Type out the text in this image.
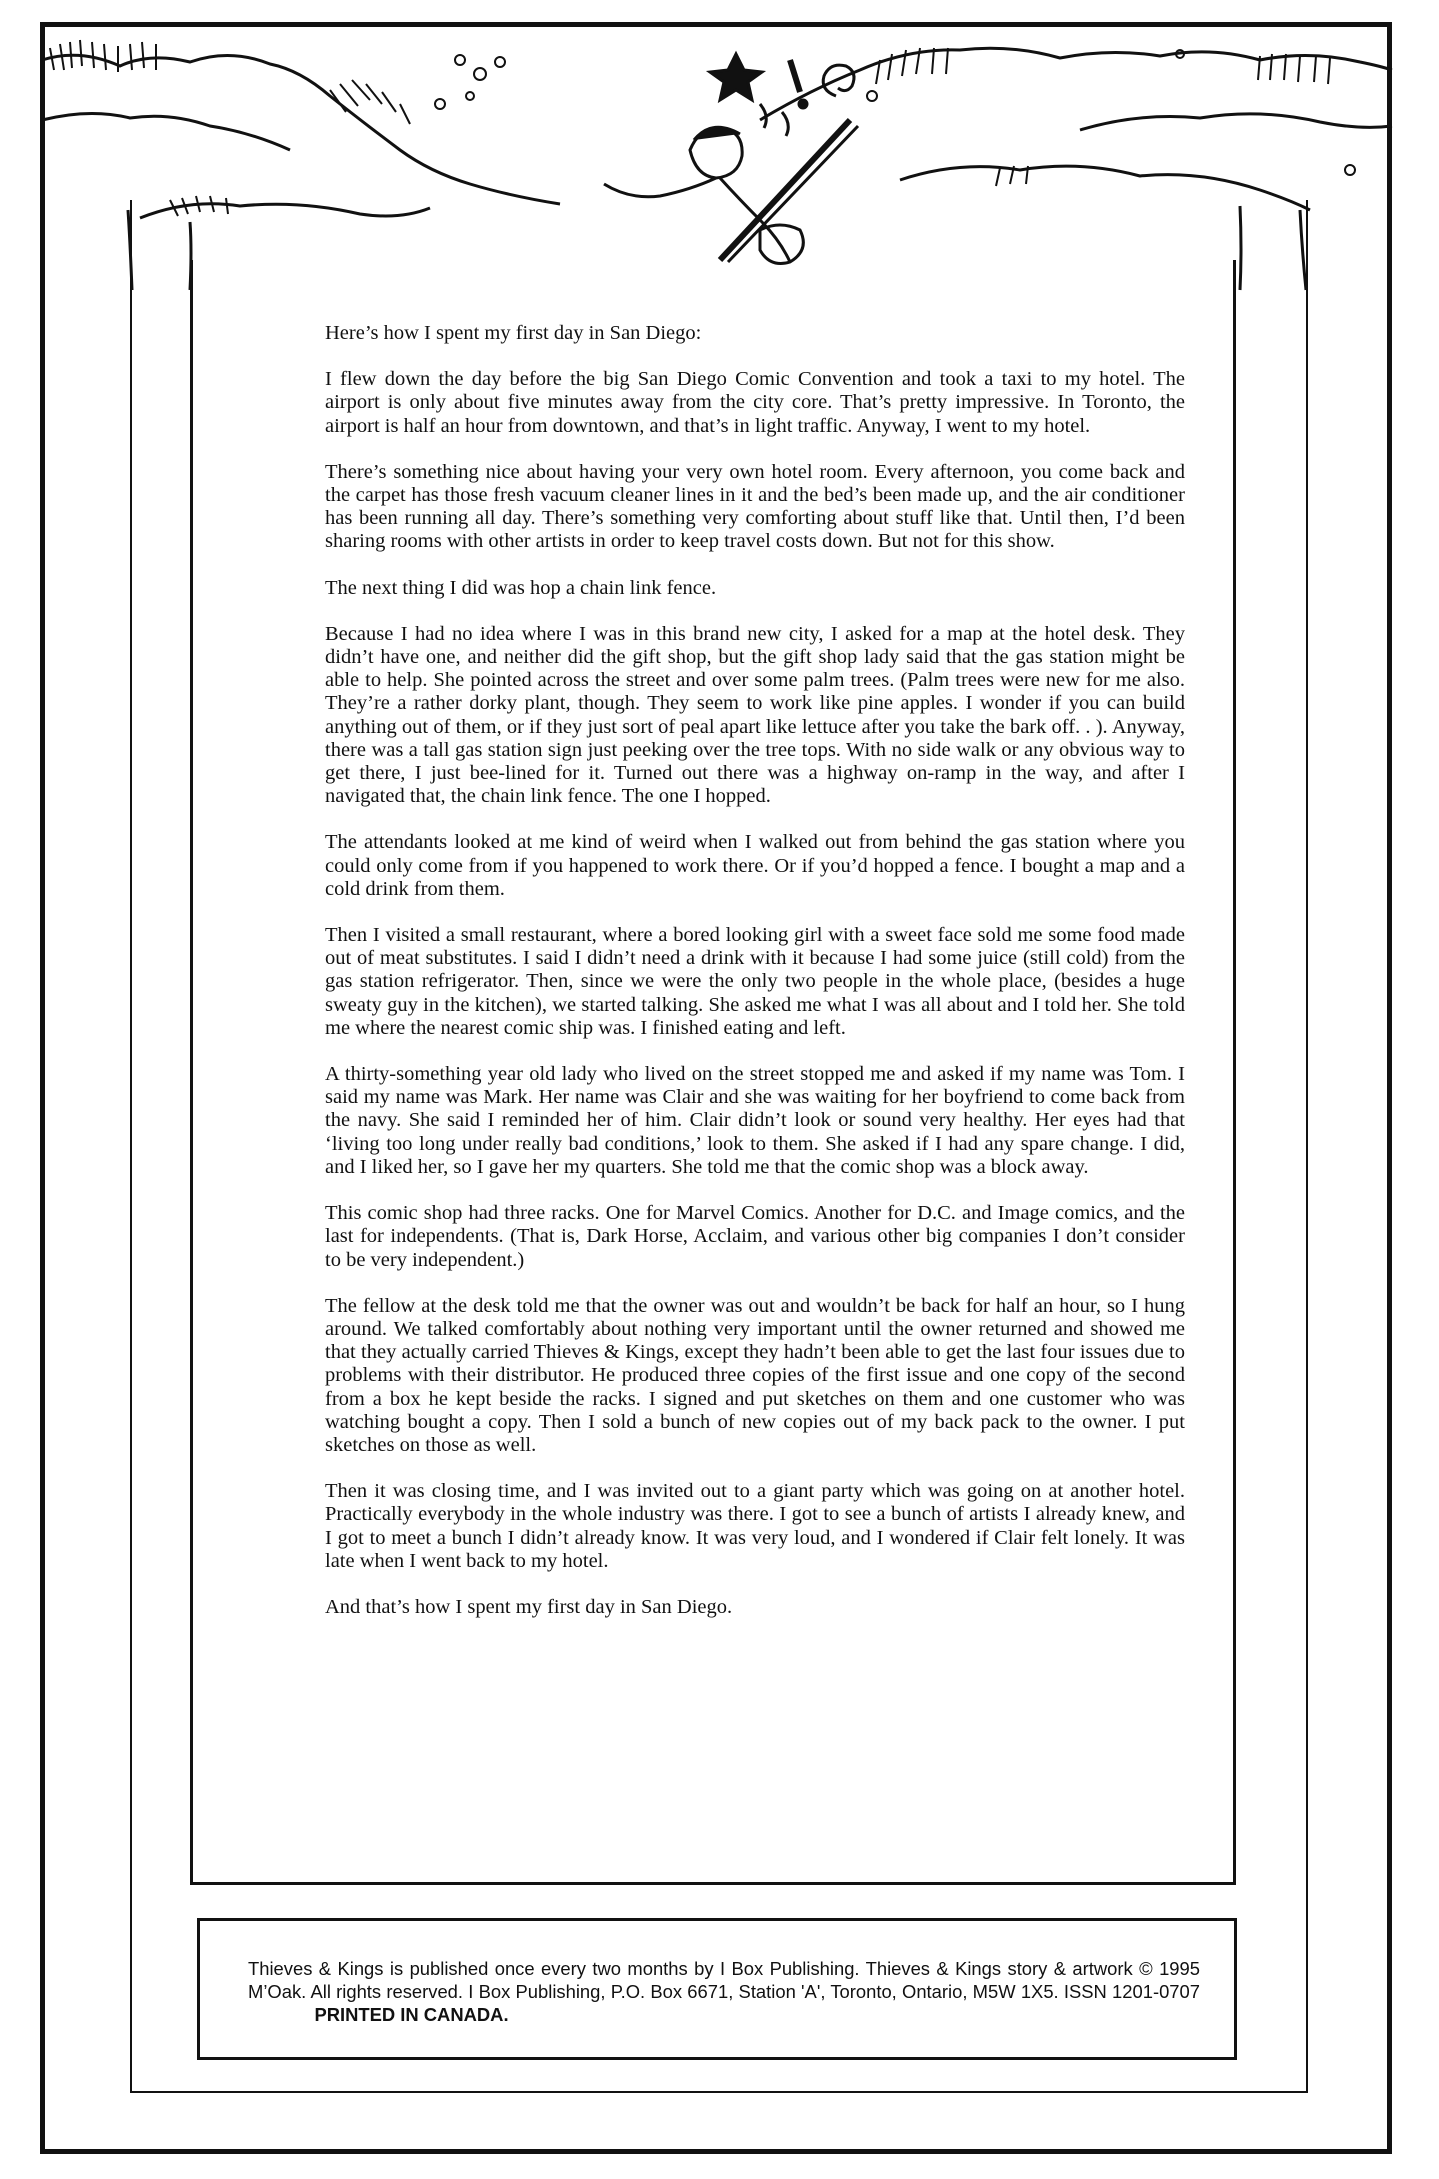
Here’s how I spent my first day in San Diego:

I flew down the day before the big San Diego Comic Convention and took a taxi to my hotel. The airport is only about five minutes away from the city core. That’s pretty impressive. In Toronto, the airport is half an hour from downtown, and that’s in light traffic. Anyway, I went to my hotel.

There’s something nice about having your very own hotel room. Every afternoon, you come back and the carpet has those fresh vacuum cleaner lines in it and the bed’s been made up, and the air conditioner has been running all day. There’s something very comforting about stuff like that. Until then, I’d been sharing rooms with other artists in order to keep travel costs down. But not for this show.

The next thing I did was hop a chain link fence.

Because I had no idea where I was in this brand new city, I asked for a map at the hotel desk. They didn’t have one, and neither did the gift shop, but the gift shop lady said that the gas station might be able to help. She pointed across the street and over some palm trees. (Palm trees were new for me also. They’re a rather dorky plant, though. They seem to work like pine apples. I wonder if you can build anything out of them, or if they just sort of peal apart like lettuce after you take the bark off. . ). Anyway, there was a tall gas station sign just peeking over the tree tops. With no side walk or any obvious way to get there, I just bee-lined for it. Turned out there was a highway on-ramp in the way, and after I navigated that, the chain link fence. The one I hopped.

The attendants looked at me kind of weird when I walked out from behind the gas station where you could only come from if you happened to work there. Or if you’d hopped a fence. I bought a map and a cold drink from them.

Then I visited a small restaurant, where a bored looking girl with a sweet face sold me some food made out of meat substitutes. I said I didn’t need a drink with it because I had some juice (still cold) from the gas station refrigerator. Then, since we were the only two people in the whole place, (besides a huge sweaty guy in the kitchen), we started talking. She asked me what I was all about and I told her. She told me where the nearest comic ship was. I finished eating and left.

A thirty-something year old lady who lived on the street stopped me and asked if my name was Tom. I said my name was Mark. Her name was Clair and she was waiting for her boyfriend to come back from the navy. She said I reminded her of him. Clair didn’t look or sound very healthy. Her eyes had that ‘living too long under really bad conditions,’ look to them. She asked if I had any spare change. I did, and I liked her, so I gave her my quarters. She told me that the comic shop was a block away.

This comic shop had three racks. One for Marvel Comics. Another for D.C. and Image comics, and the last for independents. (That is, Dark Horse, Acclaim, and various other big companies I don’t consider to be very independent.)

The fellow at the desk told me that the owner was out and wouldn’t be back for half an hour, so I hung around. We talked comfortably about nothing very important until the owner returned and showed me that they actually carried Thieves & Kings, except they hadn’t been able to get the last four issues due to problems with their distributor. He produced three copies of the first issue and one copy of the second from a box he kept beside the racks. I signed and put sketches on them and one customer who was watching bought a copy. Then I sold a bunch of new copies out of my back pack to the owner. I put sketches on those as well.

Then it was closing time, and I was invited out to a giant party which was going on at another hotel. Practically everybody in the whole industry was there. I got to see a bunch of artists I already knew, and I got to meet a bunch I didn’t already know. It was very loud, and I wondered if Clair felt lonely. It was late when I went back to my hotel.

And that’s how I spent my first day in San Diego.

Thieves & Kings is published once every two months by I Box Publishing. Thieves & Kings story & artwork © 1995 M’Oak. All rights reserved. I Box Publishing, P.O. Box 6671, Station 'A', Toronto, Ontario, M5W 1X5. ISSN 1201-0707              PRINTED IN CANADA.
